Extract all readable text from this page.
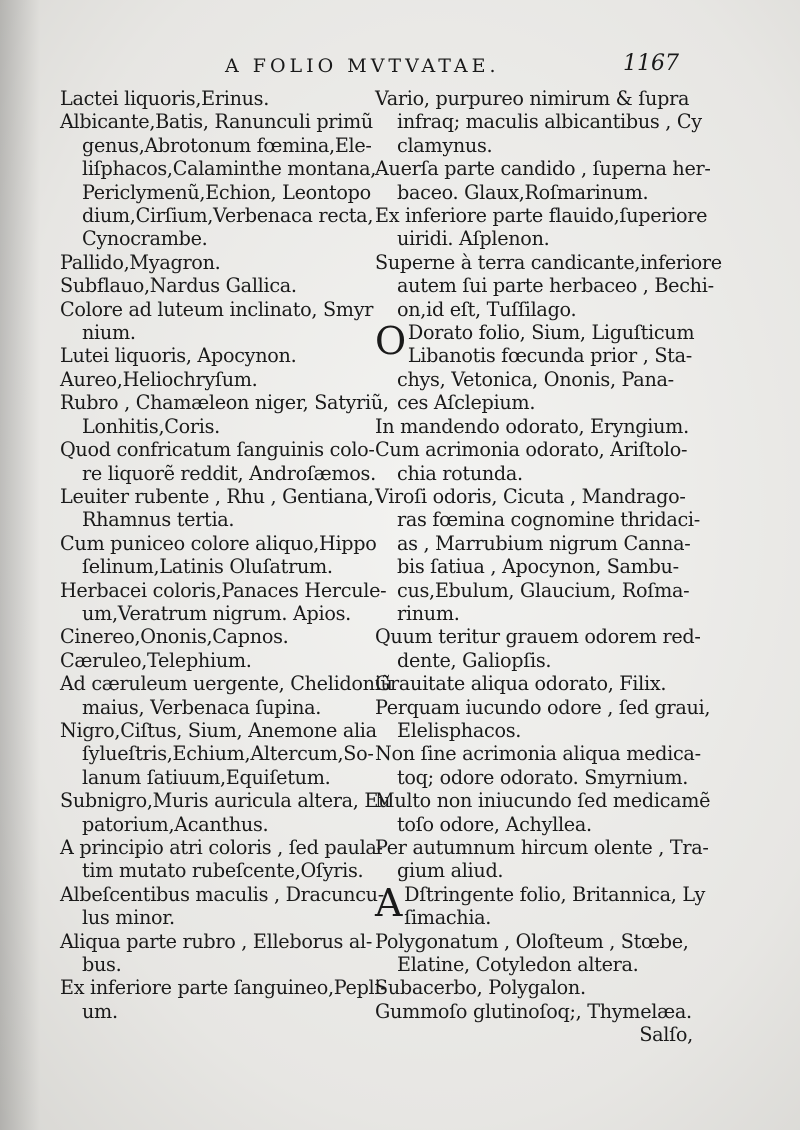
A FOLIO MVTVATAE.	1167
Lactei liquoris,Erinus.
Albicante,Batis, Ranunculi primũ
genus,Abrotonum fœmina,Ele-
liſphacos,Calaminthe montana,
Periclymenũ,Echion, Leontopo
dium,Cirſium,Verbenaca recta,
Cynocrambe.
Pallido,Myagron.
Subflauo,Nardus Gallica.
Colore ad luteum inclinato, Smyr
nium.
Lutei liquoris, Apocynon.
Aureo,Heliochryſum.
Rubro , Chamæleon niger, Satyriũ,
Lonhitis,Coris.
Quod confricatum ſanguinis colo-
re liquorẽ reddit, Androſæmos.
Leuiter rubente , Rhu , Gentiana,
Rhamnus tertia.
Cum puniceo colore aliquo,Hippo
ſelinum,Latinis Oluſatrum.
Herbacei coloris,Panaces Hercule-
um,Veratrum nigrum. Apios.
Cinereo,Ononis,Capnos.
Cæruleo,Telephium.
Ad cæruleum uergente, Chelidoniũ
maius, Verbenaca ſupina.
Nigro,Ciſtus, Sium, Anemone alia
ſylueſtris,Echium,Altercum,So-
lanum ſatiuum,Equiſetum.
Subnigro,Muris auricula altera, Eu
patorium,Acanthus.
A principio atri coloris , ſed paula-
tim mutato rubeſcente,Oſyris.
Albeſcentibus maculis , Dracuncu-
lus minor.
Aliqua parte rubro , Elleborus al-
bus.
Ex inferiore parte ſanguineo,Pepli-
um.
Vario, purpureo nimirum & ſupra
infraq; maculis albicantibus , Cy
clamynus.
Auerſa parte candido , ſuperna her-
baceo. Glaux,Roſmarinum.
Ex inferiore parte flauido,ſuperiore
uiridi. Aſplenon.
Superne à terra candicante,inferiore
autem ſui parte herbaceo , Bechi-
on,id eſt, Tuſſilago.
O Dorato folio, Sium, Liguſticum
Libanotis fœcunda prior , Sta-
chys, Vetonica, Ononis, Pana-
ces Aſclepium.
In mandendo odorato, Eryngium.
Cum acrimonia odorato, Ariſtolo-
chia rotunda.
Viroſi odoris, Cicuta , Mandrago-
ras fœmina cognomine thridaci-
as , Marrubium nigrum Canna-
bis ſatiua , Apocynon, Sambu-
cus,Ebulum, Glaucium, Roſma-
rinum.
Quum teritur grauem odorem red-
dente, Galiopſis.
Grauitate aliqua odorato, Filix.
Perquam iucundo odore , ſed graui,
Elelisphacos.
Non ſine acrimonia aliqua medica-
toq; odore odorato. Smyrnium.
Multo non iniucundo ſed medicamẽ
toſo odore, Achyllea.
Per autumnum hircum olente , Tra-
gium aliud.
A Dſtringente folio, Britannica, Ly
ſimachia.
Polygonatum , Oloſteum , Stœbe,
Elatine, Cotyledon altera.
Subacerbo, Polygalon.
Gummoſo glutinoſoq;, Thymelæa.
Salſo,
